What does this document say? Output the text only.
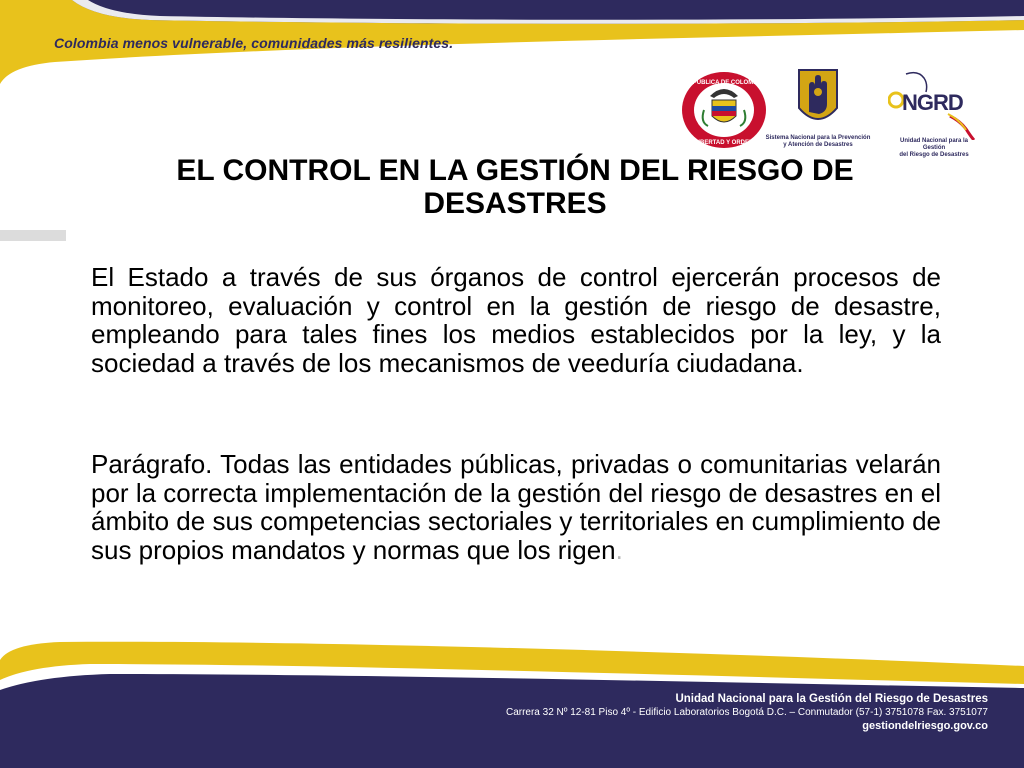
Colombia menos vulnerable, comunidades más resilientes.
REPÚBLICA DE COLOMBIA
LIBERTAD Y ORDEN
Sistema Nacional para la Prevención
y Atención de Desastres
NGRD
Unidad Nacional para la Gestión
del Riesgo de Desastres
EL CONTROL EN LA GESTIÓN DEL RIESGO DE DESASTRES

El Estado a través de sus órganos de control ejercerán procesos de monitoreo, evaluación y control en la gestión de riesgo de desastre, empleando para tales fines los medios establecidos por la ley, y la sociedad a través de los mecanismos de veeduría ciudadana.

Parágrafo. Todas las entidades públicas, privadas o comunitarias velarán por la correcta implementación de la gestión del riesgo de desastres en el ámbito de sus competencias sectoriales y territoriales en cumplimiento de sus propios mandatos y normas que los rigen.

Unidad Nacional para la Gestión del Riesgo de Desastres
Carrera 32 Nº 12-81 Piso 4º - Edificio Laboratorios Bogotá D.C. – Conmutador (57-1) 3751078 Fax. 3751077
gestiondelriesgo.gov.co
